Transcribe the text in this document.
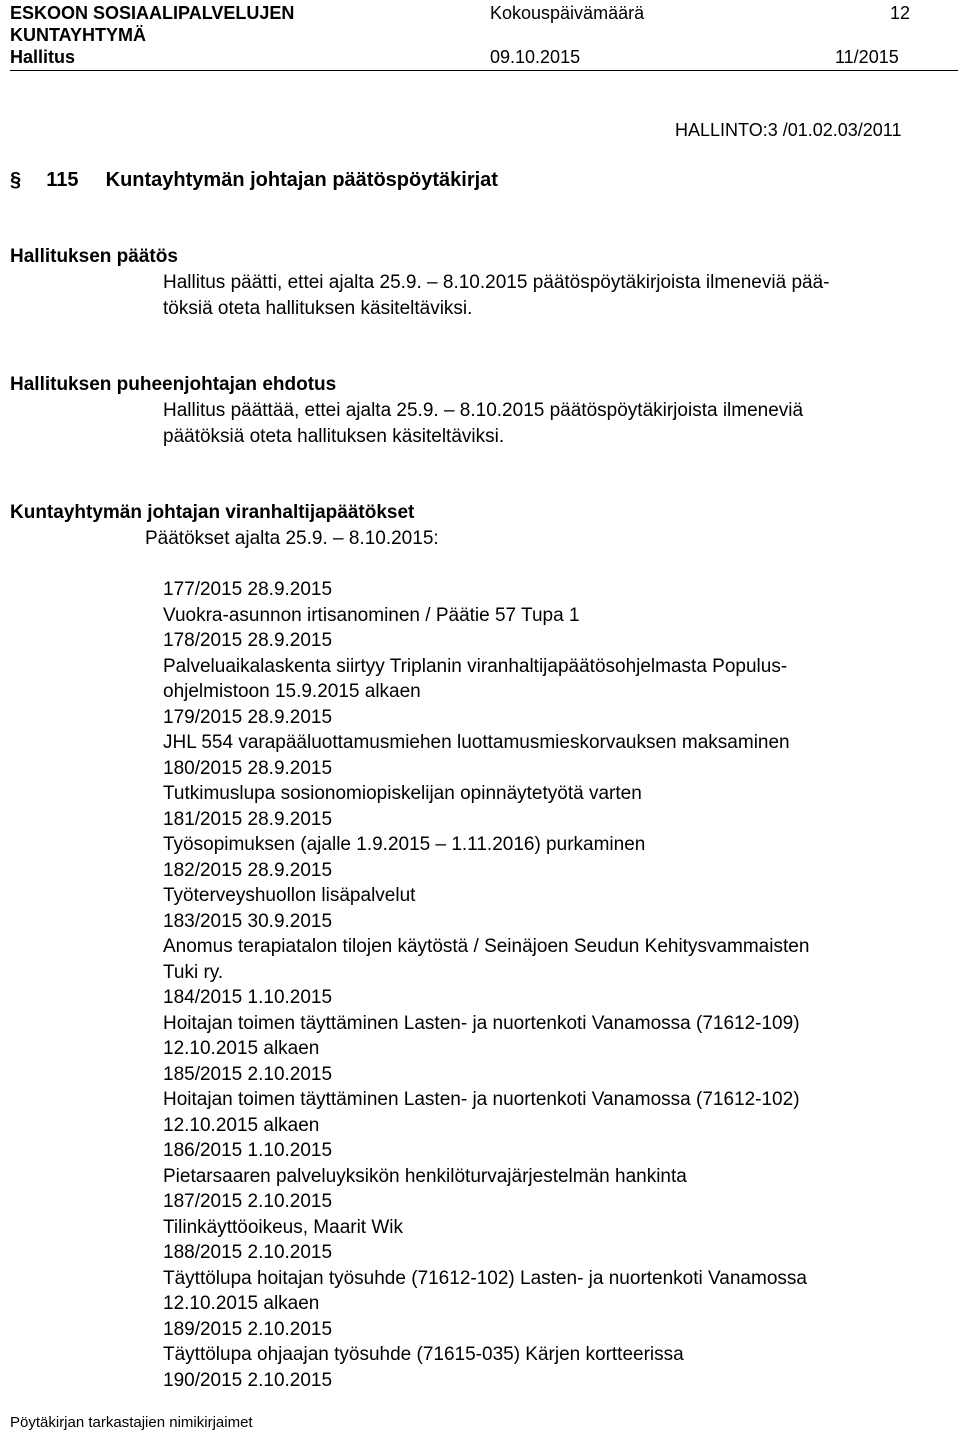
ESKOON SOSIAALIPALVELUJEN
KUNTAYHTYMÄ
Kokouspäivämäärä	12
Hallitus	09.10.2015	11/2015
HALLINTO:3 /01.02.03/2011
§ 115 Kuntayhtymän johtajan päätöspöytäkirjat
Hallituksen päätös
Hallitus päätti, ettei ajalta 25.9. – 8.10.2015 päätöspöytäkirjoista ilmeneviä pää-
töksiä oteta hallituksen käsiteltäviksi.
Hallituksen puheenjohtajan ehdotus
Hallitus päättää, ettei ajalta 25.9. – 8.10.2015 päätöspöytäkirjoista ilmeneviä
päätöksiä oteta hallituksen käsiteltäviksi.
Kuntayhtymän johtajan viranhaltijapäätökset
Päätökset ajalta 25.9. – 8.10.2015:
177/2015 28.9.2015
Vuokra-asunnon irtisanominen / Päätie 57 Tupa 1
178/2015 28.9.2015
Palveluaikalaskenta siirtyy Triplanin viranhaltijapäätösohjelmasta Populus-
ohjelmistoon 15.9.2015 alkaen
179/2015 28.9.2015
JHL 554 varapääluottamusmiehen luottamusmieskorvauksen maksaminen
180/2015 28.9.2015
Tutkimuslupa sosionomiopiskelijan opinnäytetyötä varten
181/2015 28.9.2015
Työsopimuksen (ajalle 1.9.2015 – 1.11.2016) purkaminen
182/2015 28.9.2015
Työterveyshuollon lisäpalvelut
183/2015 30.9.2015
Anomus terapiatalon tilojen käytöstä / Seinäjoen Seudun Kehitysvammaisten
Tuki ry.
184/2015 1.10.2015
Hoitajan toimen täyttäminen Lasten- ja nuortenkoti Vanamossa (71612-109)
12.10.2015 alkaen
185/2015 2.10.2015
Hoitajan toimen täyttäminen Lasten- ja nuortenkoti Vanamossa (71612-102)
12.10.2015 alkaen
186/2015 1.10.2015
Pietarsaaren palveluyksikön henkilöturvajärjestelmän hankinta
187/2015 2.10.2015
Tilinkäyttöoikeus, Maarit Wik
188/2015 2.10.2015
Täyttölupa hoitajan työsuhde (71612-102) Lasten- ja nuortenkoti Vanamossa
12.10.2015 alkaen
189/2015 2.10.2015
Täyttölupa ohjaajan työsuhde (71615-035) Kärjen kortteerissa
190/2015 2.10.2015
Pöytäkirjan tarkastajien nimikirjaimet
